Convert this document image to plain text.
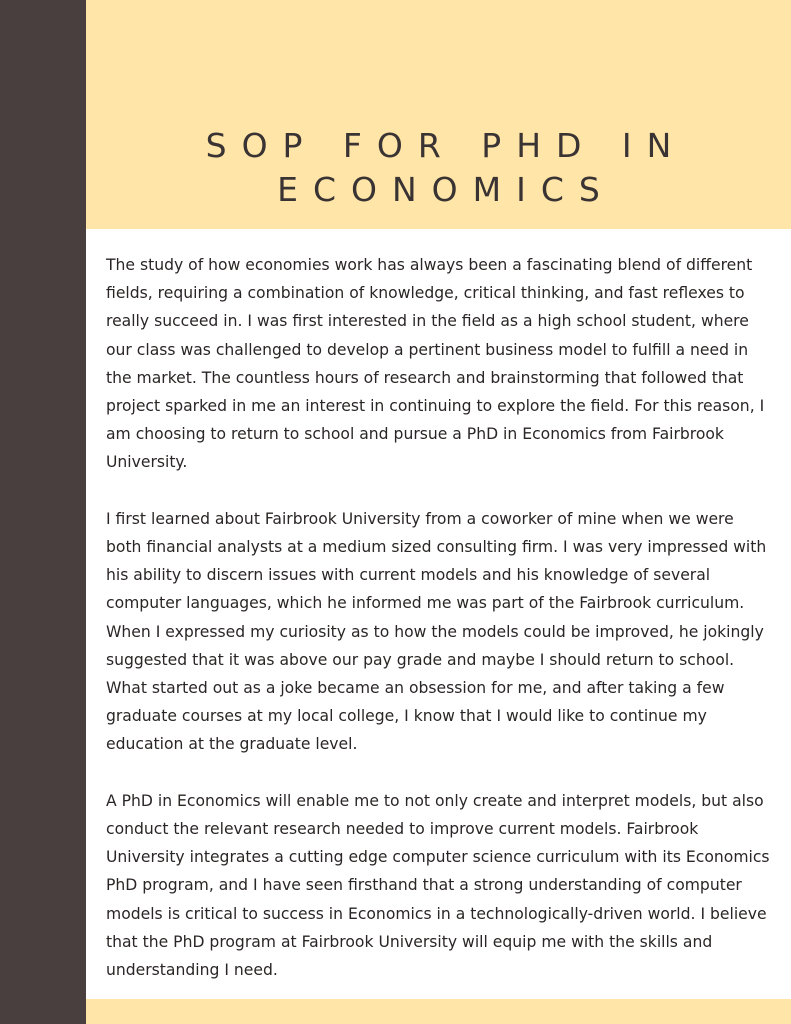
SOP FOR PHD IN
ECONOMICS

The study of how economies work has always been a fascinating blend of different fields, requiring a combination of knowledge, critical thinking, and fast reflexes to really succeed in. I was first interested in the field as a high school student, where our class was challenged to develop a pertinent business model to fulfill a need in the market. The countless hours of research and brainstorming that followed that project sparked in me an interest in continuing to explore the field. For this reason, I am choosing to return to school and pursue a PhD in Economics from Fairbrook University.

I first learned about Fairbrook University from a coworker of mine when we were both financial analysts at a medium sized consulting firm. I was very impressed with his ability to discern issues with current models and his knowledge of several computer languages, which he informed me was part of the Fairbrook curriculum. When I expressed my curiosity as to how the models could be improved, he jokingly suggested that it was above our pay grade and maybe I should return to school. What started out as a joke became an obsession for me, and after taking a few graduate courses at my local college, I know that I would like to continue my education at the graduate level.

A PhD in Economics will enable me to not only create and interpret models, but also conduct the relevant research needed to improve current models. Fairbrook University integrates a cutting edge computer science curriculum with its Economics PhD program, and I have seen firsthand that a strong understanding of computer models is critical to success in Economics in a technologically-driven world. I believe that the PhD program at Fairbrook University will equip me with the skills and understanding I need.
